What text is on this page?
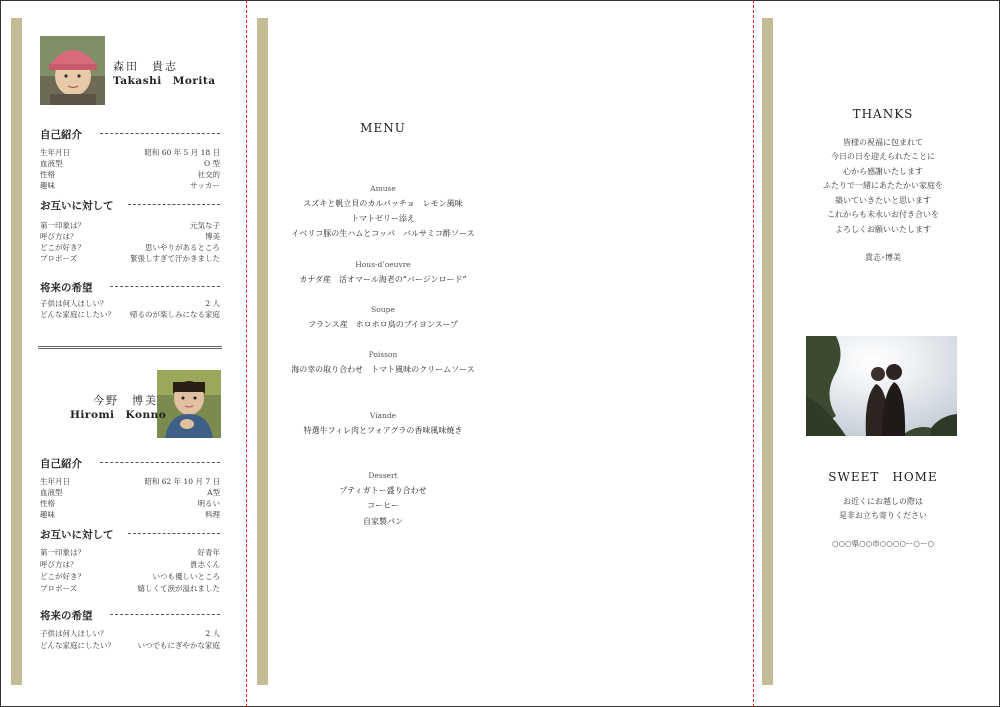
森田　貴志
Takashi　Morita
自己紹介
生年月日	昭和 60 年 5 月 18 日
血液型	O 型
性格	社交的
趣味	サッカー
お互いに対して
第一印象は？	元気な子
呼び方は？	博美
どこが好き？	思いやりがあるところ
プロポーズ	緊張しすぎて汗かきました
将来の希望
子供は何人ほしい？	2 人
どんな家庭にしたい？ 帰るのが楽しみになる家庭
今野　博美
Hiromi　Konno
自己紹介
生年月日	昭和 62 年 10 月 7 日
血液型	A型
性格	明るい
趣味	料理
お互いに対して
第一印象は？	好青年
呼び方は？	貴志くん
どこが好き？	いつも優しいところ
プロポーズ	嬉しくて涙が溢れました
将来の希望
子供は何人ほしい？	2 人
どんな家庭にしたい？	いつでもにぎやかな家庭
MENU
Amuse
スズキと帆立貝のカルパッチョ　レモン風味
トマトゼリー添え
イベリコ豚の生ハムとコッパ　バルサミコ酢ソース
Hous-d’oeuvre
カナダ産　活オマール海老の“バージンロード”
Soupe
フランス産　ホロホロ鳥のブイヨンスープ
Poisson
海の幸の取り合わせ　トマト風味のクリームソース
Viande
特選牛フィレ肉とフォアグラの香味風味焼き
Dessert
プティガトー盛り合わせ
コーヒー
自家製パン
THANKS
皆様の祝福に包まれて
今日の日を迎えられたことに
心から感謝いたします
ふたりで一緒にあたたかい家庭を
築いていきたいと思います
これからも末永いお付き合いを
よろしくお願いいたします
貴志･博美
SWEET　HOME
お近くにお越しの際は
是非お立ち寄りください
○○○県○○市○○○○ー○ー○
